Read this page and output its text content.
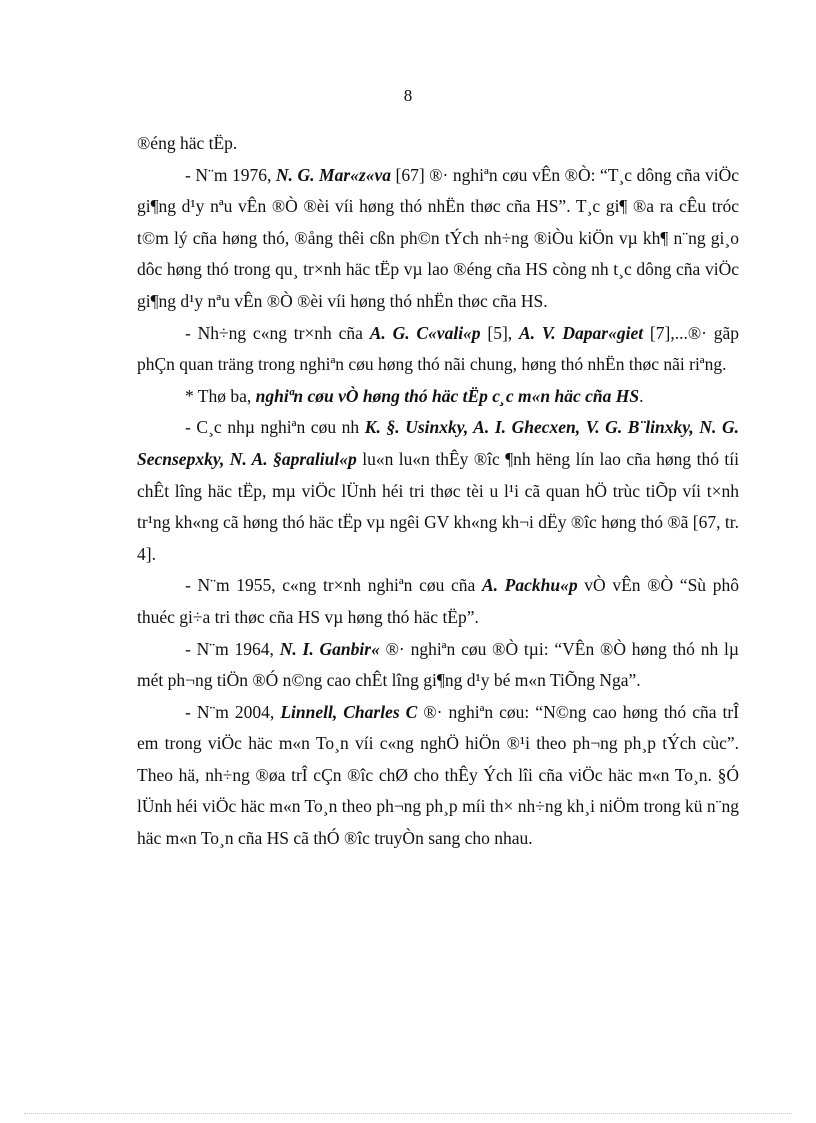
8

®éng häc tËp.

- N¨m 1976, N. G. Mar«z«va [67] ®· nghiªn cøu vÊn ®Ò: “T¸c dông cña viÖc gi¶ng d¹y nªu vÊn ®Ò ®èi víi høng thó nhËn thøc cña HS”. T¸c gi¶ ®a ra cÊu tróc t©m lý cña høng thó, ®ång thêi cßn ph©n tÝch nh÷ng ®iÒu kiÖn vµ kh¶ n¨ng gi¸o dôc høng thó trong qu¸ tr×nh häc tËp vµ lao ®éng cña HS còng nh t¸c dông cña viÖc gi¶ng d¹y nªu vÊn ®Ò ®èi víi høng thó nhËn thøc cña HS.

- Nh÷ng c«ng tr×nh cña A. G. C«vali«p [5], A. V. Dapar«giet [7],...®· gãp phÇn quan träng trong nghiªn cøu høng thó nãi chung, høng thó nhËn thøc nãi riªng.

* Thø ba, nghiªn cøu vÒ høng thó häc tËp c¸c m«n häc cña HS.

- C¸c nhµ nghiªn cøu nh K. §. Usinxky, A. I. Ghecxen, V. G. B¨linxky, N. G. Secnsepxky, N. A. §apraliul«p lu«n lu«n thÊy ®îc ¶nh hëng lín lao cña høng thó tíi chÊt lîng häc tËp, mµ viÖc lÜnh héi tri thøc tèi u l¹i cã quan hÖ trùc tiÕp víi t×nh tr¹ng kh«ng cã høng thó häc tËp vµ ngêi GV kh«ng kh¬i dËy ®îc høng thó ®ã [67, tr. 4].

- N¨m 1955, c«ng tr×nh nghiªn cøu cña A. Packhu«p vÒ vÊn ®Ò “Sù phô thuéc gi÷a tri thøc cña HS vµ høng thó häc tËp”.

- N¨m 1964, N. I. Ganbir« ®· nghiªn cøu ®Ò tµi: “VÊn ®Ò høng thó nh lµ mét ph¬ng tiÖn ®Ó n©ng cao chÊt lîng gi¶ng d¹y bé m«n TiÕng Nga”.

- N¨m 2004, Linnell, Charles C ®· nghiªn cøu: “N©ng cao høng thó cña trÎ em trong viÖc häc m«n To¸n víi c«ng nghÖ hiÖn ®¹i theo ph¬ng ph¸p tÝch cùc”. Theo hä, nh÷ng ®øa trÎ cÇn ®îc chØ cho thÊy Ých lîi cña viÖc häc m«n To¸n. §Ó lÜnh héi viÖc häc m«n To¸n theo ph¬ng ph¸p míi th× nh÷ng kh¸i niÖm trong kü n¨ng häc m«n To¸n cña HS cã thÓ ®îc truyÒn sang cho nhau.
